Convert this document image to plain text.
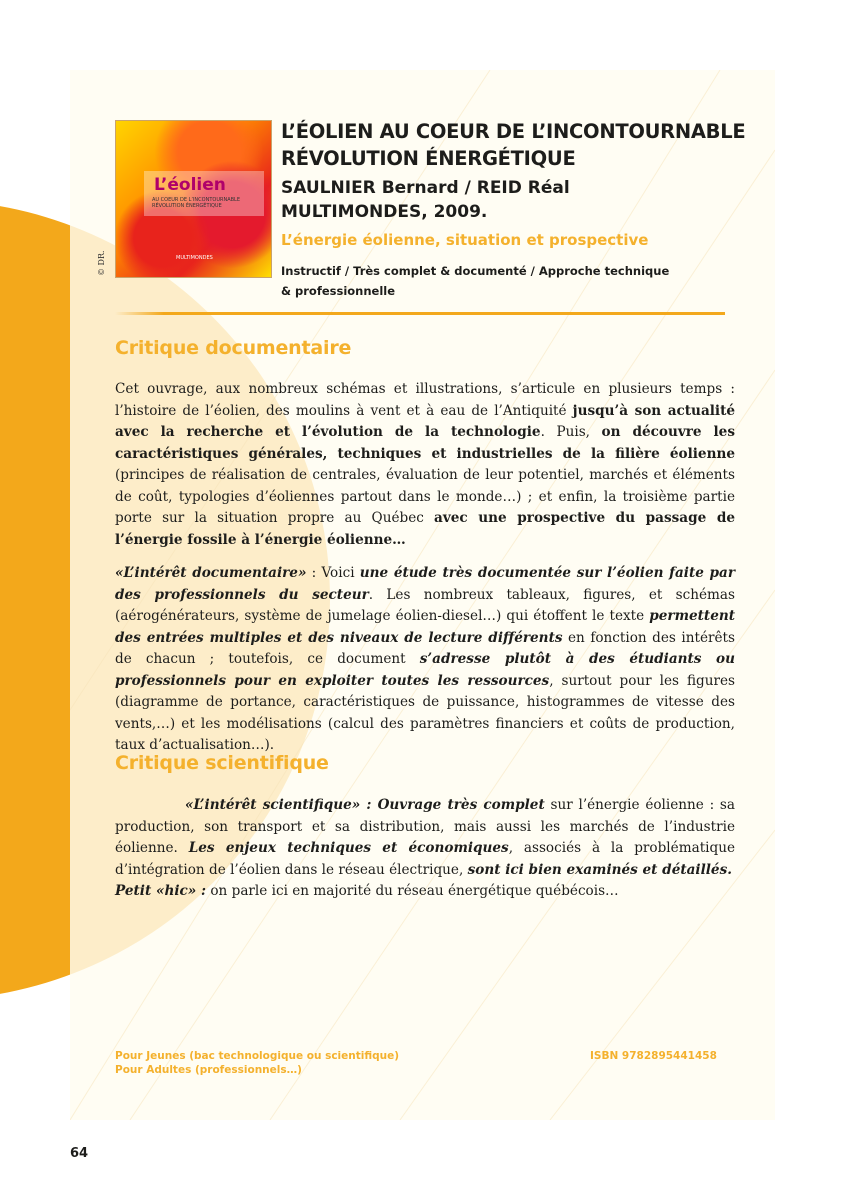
L’éolien
AU COEUR DE L’INCONTOURNABLE RÉVOLUTION ÉNERGÉTIQUE
MULTIMONDES
© DR.
L’ÉOLIEN AU COEUR DE L’INCONTOURNABLE
RÉVOLUTION ÉNERGÉTIQUE
SAULNIER Bernard / REID Réal
MULTIMONDES, 2009.
L’énergie éolienne, situation et prospective
Instructif / Très complet & documenté / Approche technique
& professionnelle
Critique documentaire

Cet ouvrage, aux nombreux schémas et illustrations, s’articule en plusieurs temps : l’histoire de l’éolien, des moulins à vent et à eau de l’Antiquité jusqu’à son actualité avec la recherche et l’évolution de la technologie. Puis, on découvre les caractéristiques générales, techniques et industrielles de la filière éolienne (principes de réalisation de centrales, évaluation de leur potentiel, marchés et éléments de coût, typologies d’éoliennes partout dans le monde…) ; et enfin, la troisième partie porte sur la situation propre au Québec avec une prospective du passage de l’énergie fossile à l’énergie éolienne…

«L’intérêt documentaire» : Voici une étude très documentée sur l’éolien faite par des professionnels du secteur. Les nombreux tableaux, figures, et schémas (aérogénérateurs, système de jumelage éolien-diesel…) qui étoffent le texte permettent des entrées multiples et des niveaux de lecture différents en fonction des intérêts de chacun ; toutefois, ce document s’adresse plutôt à des étudiants ou professionnels pour en exploiter toutes les ressources, surtout pour les figures (diagramme de portance, caractéristiques de puissance, histogrammes de vitesse des vents,…) et les modélisations (calcul des paramètres financiers et coûts de production, taux d’actualisation…).

Critique scientifique

«L’intérêt scientifique» : Ouvrage très complet sur l’énergie éolienne : sa production, son transport et sa distribution, mais aussi les marchés de l’industrie éolienne. Les enjeux techniques et économiques, associés à la problématique d’intégration de l’éolien dans le réseau électrique, sont ici bien examinés et détaillés.

Petit «hic» : on parle ici en majorité du réseau énergétique québécois…

Pour Jeunes (bac technologique ou scientifique)
Pour Adultes (professionnels…)
ISBN 9782895441458
64
